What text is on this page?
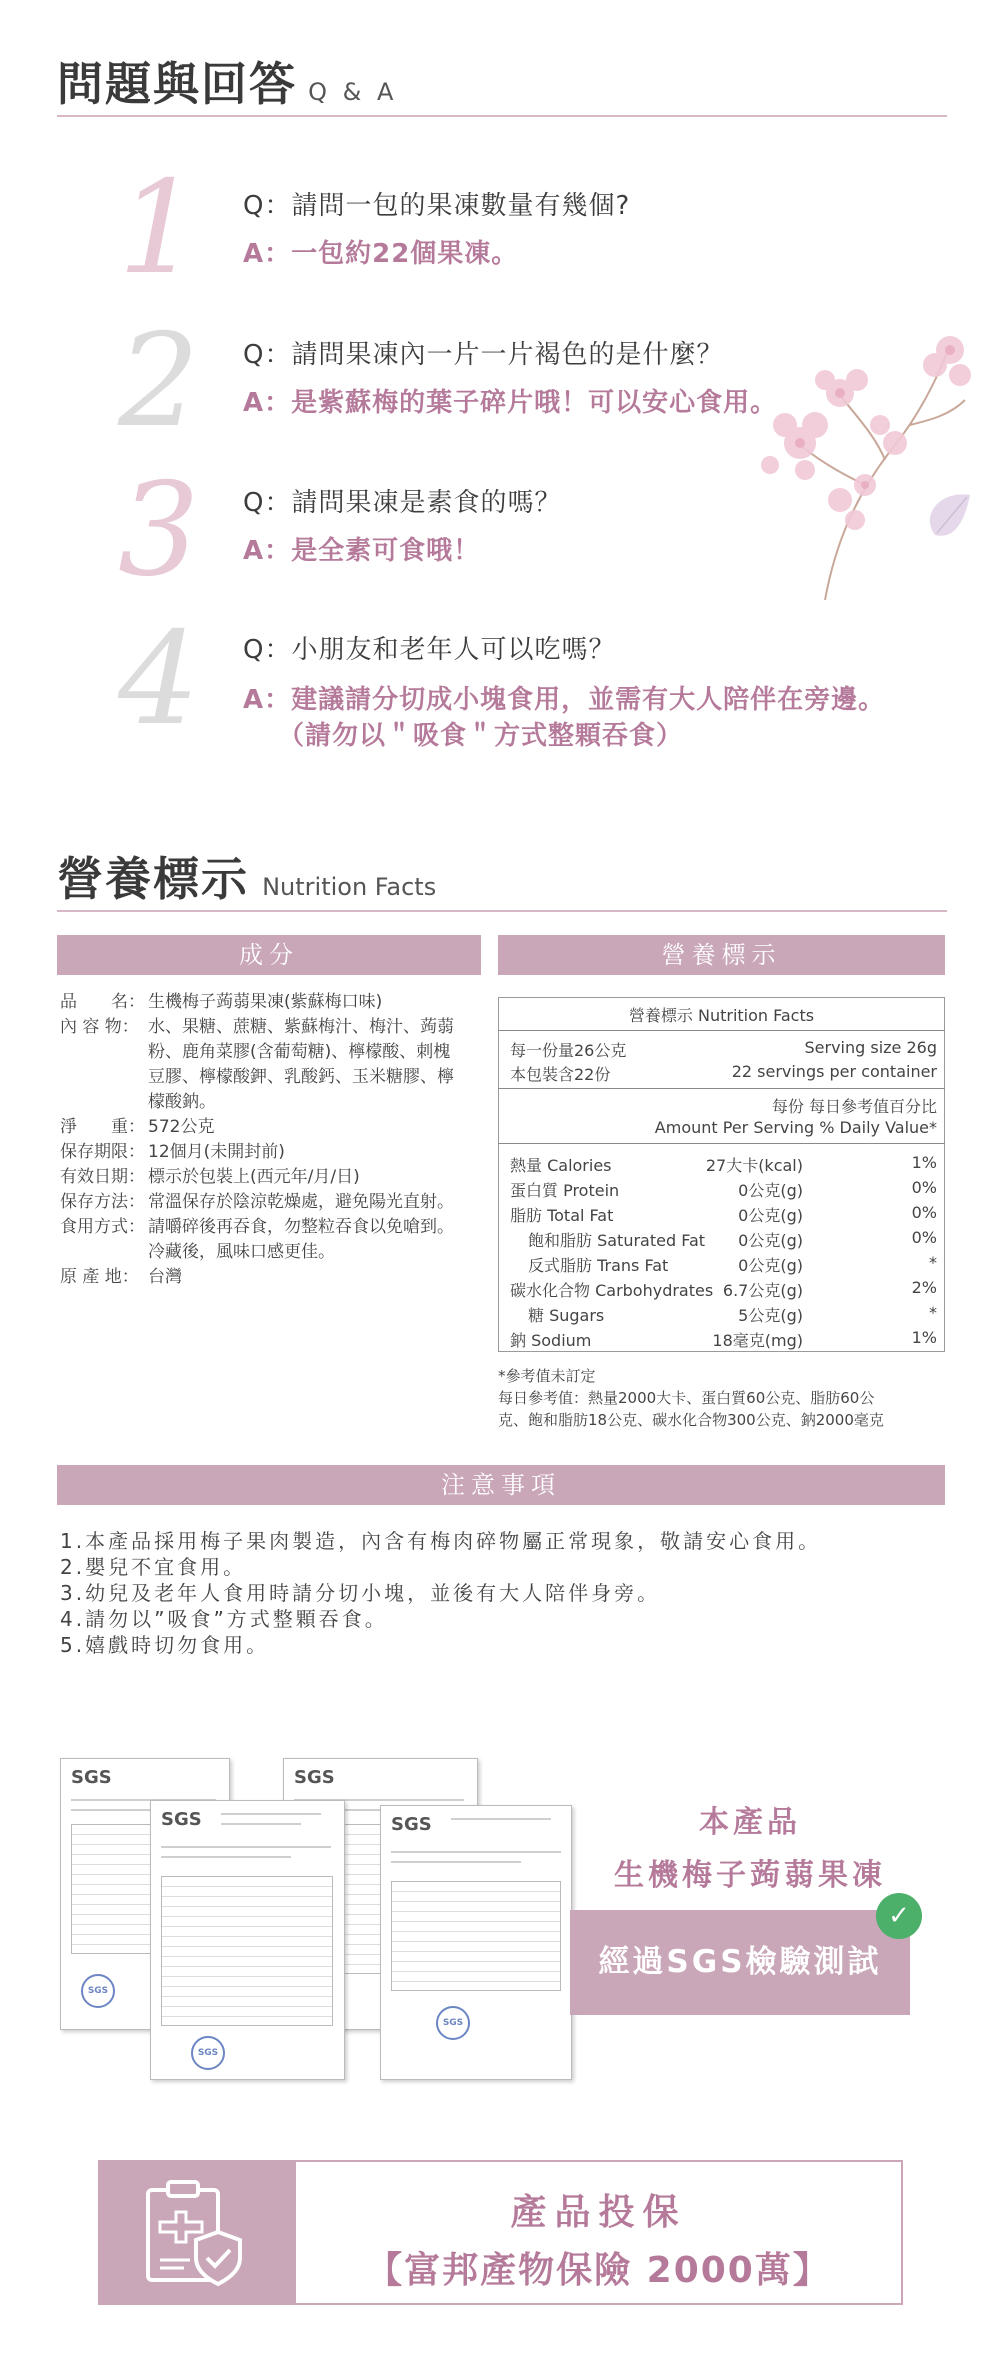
問題與回答 Q & A
1 Q：請問一包的果凍數量有幾個?
A：一包約22個果凍。
2 Q：請問果凍內一片一片褐色的是什麼？
A：是紫蘇梅的葉子碎片哦！可以安心食用。
3 Q：請問果凍是素食的嗎？
A：是全素可食哦！
4 Q：小朋友和老年人可以吃嗎？
A：建議請分切成小塊食用，並需有大人陪伴在旁邊。
（請勿以＂吸食＂方式整顆吞食）
營養標示 Nutrition Facts
成分	營養標示
品　　名： 生機梅子蒟蒻果凍(紫蘇梅口味)
內 容 物： 水、果糖、蔗糖、紫蘇梅汁、梅汁、蒟蒻
粉、鹿角菜膠(含葡萄糖)、檸檬酸、刺槐
豆膠、檸檬酸鉀、乳酸鈣、玉米糖膠、檸
檬酸鈉。
淨　　重： 572公克
保存期限： 12個月(未開封前)
有效日期： 標示於包裝上(西元年/月/日)
保存方法： 常溫保存於陰涼乾燥處，避免陽光直射。
食用方式： 請嚼碎後再吞食，勿整粒吞食以免嗆到。
冷藏後，風味口感更佳。
原 產 地： 台灣
營養標示 Nutrition Facts
每一份量26公克	Serving size 26g
本包裝含22份	22 servings per container
每份 每日參考值百分比
Amount Per Serving % Daily Value*
熱量 Calories	27大卡(kcal)	1%
蛋白質 Protein	0公克(g)	0%
脂肪 Total Fat	0公克(g)	0%
飽和脂肪 Saturated Fat 0公克(g)	0%
反式脂肪 Trans Fat	0公克(g)	*
碳水化合物 Carbohydrates 6.7公克(g)	2%
糖 Sugars	5公克(g)	*
鈉 Sodium	18毫克(mg)	1%
*參考值未訂定
每日參考值：熱量2000大卡、蛋白質60公克、脂肪60公
克、飽和脂肪18公克、碳水化合物300公克、鈉2000毫克
注意事項
1.本產品採用梅子果肉製造，內含有梅肉碎物屬正常現象，敬請安心食用。
2.嬰兒不宜食用。
3.幼兒及老年人食用時請分切小塊，並後有大人陪伴身旁。
4.請勿以”吸食”方式整顆吞食。
5.嬉戲時切勿食用。
SGS
SGS
SGS
SGS
SGS
SGS
SGS
本產品
生機梅子蒟蒻果凍
經過SGS檢驗測試
✓
產品投保
【富邦產物保險 2000萬】
